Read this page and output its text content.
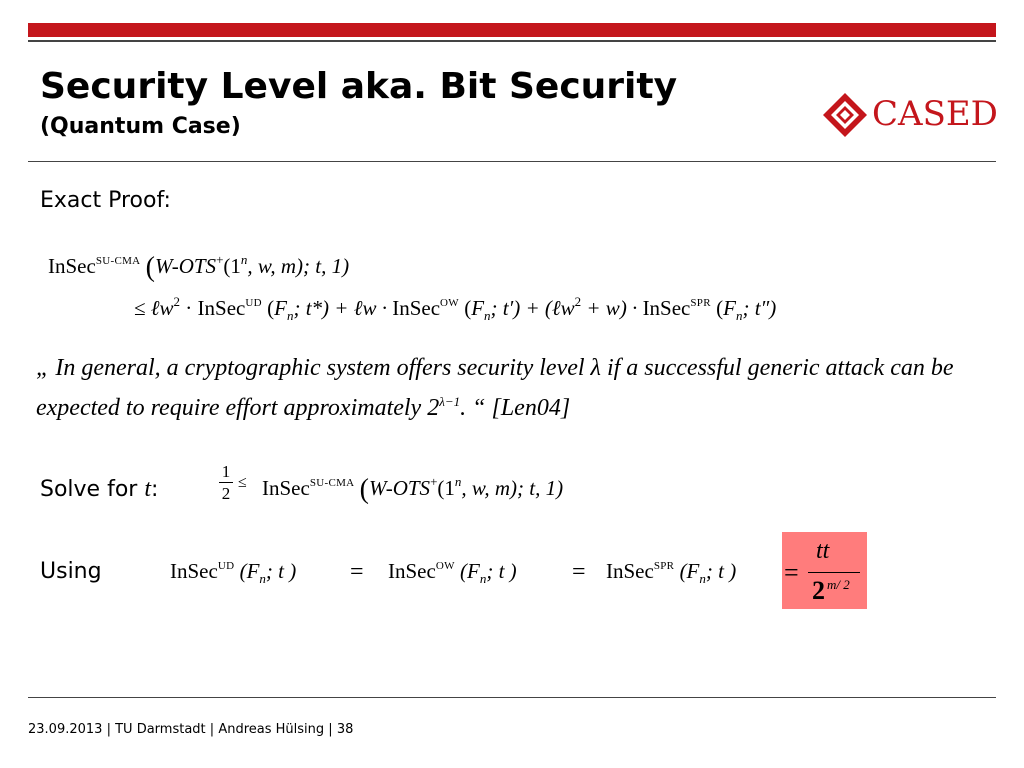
Security Level aka. Bit Security
(Quantum Case)	CASED
Exact Proof:
InSec$^{SU-CMA}$ (W-OTS+(1$^n$, w, m); t, 1)
≤ ℓw$^2$ · InSec$^{UD}$ ($F_n$; t*) + ℓw · InSec$^{OW}$ ($F_n$; t′) + (ℓw$^2$ + w) · InSec$^{SPR}$ ($F_n$; t″)
„ In general, a cryptographic system offers security level λ if a successful generic attack can be expected to require effort approximately $2^{\lambda-1}$. “ [Len04]
Solve for t:
1
2
≤ InSec$^{SU-CMA}$ (W-OTS+(1$^n$, w, m); t, 1)
Using	InSec$^{UD}$ ($F_n$; t ) = InSec$^{OW}$ ($F_n$; t ) = InSec$^{SPR}$ ($F_n$; t ) =
tt
2 m/ 2
23.09.2013 | TU Darmstadt | Andreas Hülsing | 38
